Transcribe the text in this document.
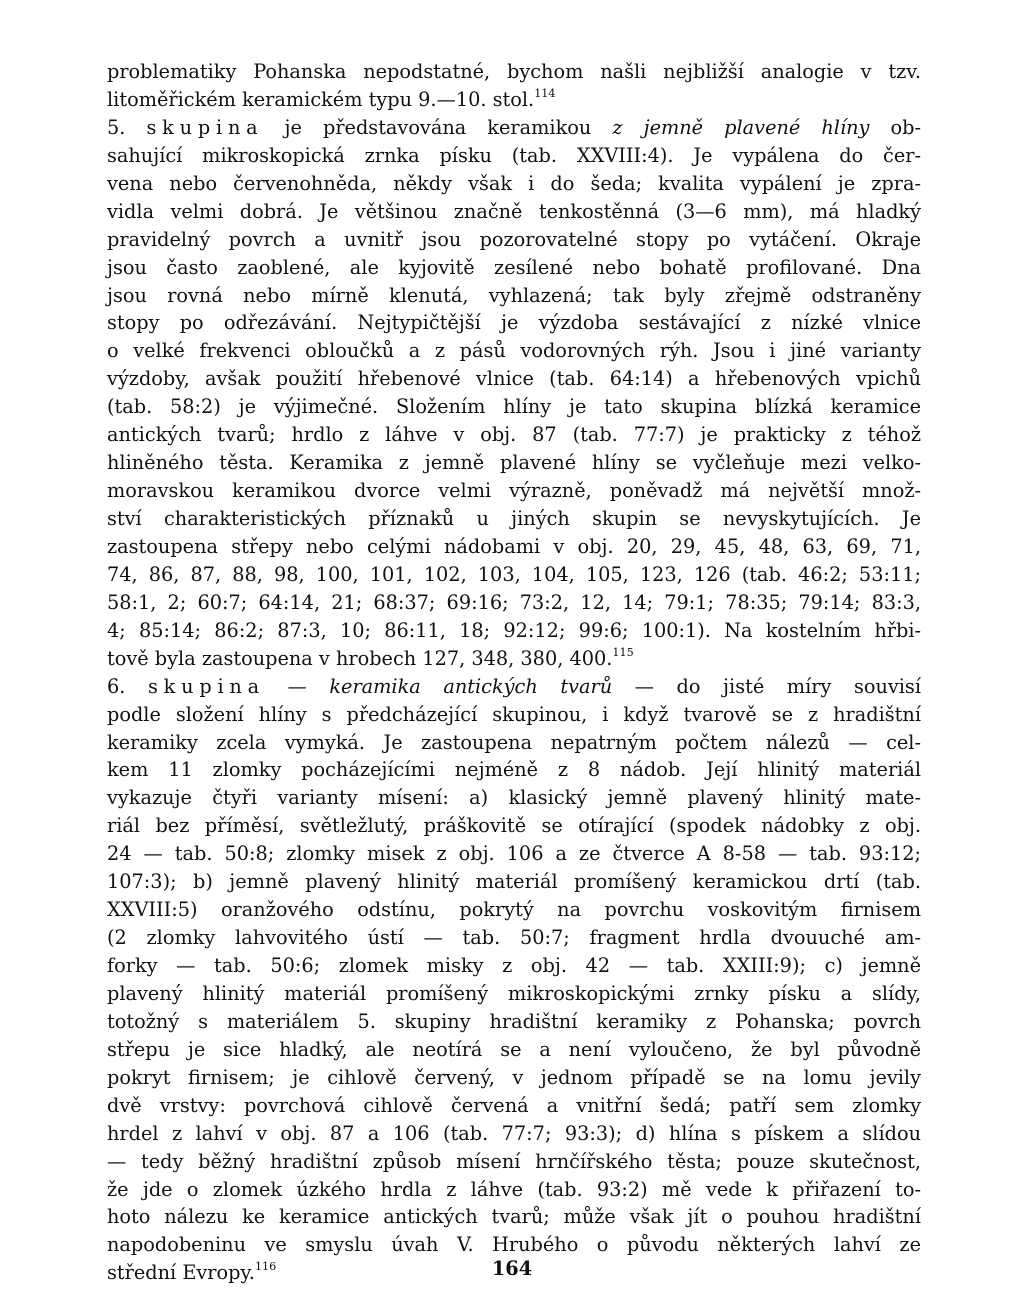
problematiky Pohanska nepodstatné, bychom našli nejbližší analogie v tzv.
litoměřickém keramickém typu 9.—10. stol.$^{114}$
5. skupina je představována keramikou z jemně plavené hlíny ob-
sahující mikroskopická zrnka písku (tab. XXVIII:4). Je vypálena do čer-
vena nebo červenohněda, někdy však i do šeda; kvalita vypálení je zpra-
vidla velmi dobrá. Je většinou značně tenkostěnná (3—6 mm), má hladký
pravidelný povrch a uvnitř jsou pozorovatelné stopy po vytáčení. Okraje
jsou často zaoblené, ale kyjovitě zesílené nebo bohatě profilované. Dna
jsou rovná nebo mírně klenutá, vyhlazená; tak byly zřejmě odstraněny
stopy po odřezávání. Nejtypičtější je výzdoba sestávající z nízké vlnice
o velké frekvenci obloučků a z pásů vodorovných rýh. Jsou i jiné varianty
výzdoby, avšak použití hřebenové vlnice (tab. 64:14) a hřebenových vpichů
(tab. 58:2) je výjimečné. Složením hlíny je tato skupina blízká keramice
antických tvarů; hrdlo z láhve v obj. 87 (tab. 77:7) je prakticky z téhož
hliněného těsta. Keramika z jemně plavené hlíny se vyčleňuje mezi velko-
moravskou keramikou dvorce velmi výrazně, poněvadž má největší množ-
ství charakteristických příznaků u jiných skupin se nevyskytujících. Je
zastoupena střepy nebo celými nádobami v obj. 20, 29, 45, 48, 63, 69, 71,
74, 86, 87, 88, 98, 100, 101, 102, 103, 104, 105, 123, 126 (tab. 46:2; 53:11;
58:1, 2; 60:7; 64:14, 21; 68:37; 69:16; 73:2, 12, 14; 79:1; 78:35; 79:14; 83:3,
4; 85:14; 86:2; 87:3, 10; 86:11, 18; 92:12; 99:6; 100:1). Na kostelním hřbi-
tově byla zastoupena v hrobech 127, 348, 380, 400.$^{115}$
6. skupina — keramika antických tvarů — do jisté míry souvisí
podle složení hlíny s předcházející skupinou, i když tvarově se z hradištní
keramiky zcela vymyká. Je zastoupena nepatrným počtem nálezů — cel-
kem 11 zlomky pocházejícími nejméně z 8 nádob. Její hlinitý materiál
vykazuje čtyři varianty mísení: a) klasický jemně plavený hlinitý mate-
riál bez příměsí, světležlutý, práškovitě se otírající (spodek nádobky z obj.
24 — tab. 50:8; zlomky misek z obj. 106 a ze čtverce A 8-58 — tab. 93:12;
107:3); b) jemně plavený hlinitý materiál promíšený keramickou drtí (tab.
XXVIII:5) oranžového odstínu, pokrytý na povrchu voskovitým firnisem
(2 zlomky lahvovitého ústí — tab. 50:7; fragment hrdla dvouuché am-
forky — tab. 50:6; zlomek misky z obj. 42 — tab. XXIII:9); c) jemně
plavený hlinitý materiál promíšený mikroskopickými zrnky písku a slídy,
totožný s materiálem 5. skupiny hradištní keramiky z Pohanska; povrch
střepu je sice hladký, ale neotírá se a není vyloučeno, že byl původně
pokryt firnisem; je cihlově červený, v jednom případě se na lomu jevily
dvě vrstvy: povrchová cihlově červená a vnitřní šedá; patří sem zlomky
hrdel z lahví v obj. 87 a 106 (tab. 77:7; 93:3); d) hlína s pískem a slídou
— tedy běžný hradištní způsob mísení hrnčířského těsta; pouze skutečnost,
že jde o zlomek úzkého hrdla z láhve (tab. 93:2) mě vede k přiřazení to-
hoto nálezu ke keramice antických tvarů; může však jít o pouhou hradištní
napodobeninu ve smyslu úvah V. Hrubého o původu některých lahví ze
střední Evropy.$^{116}$	164
